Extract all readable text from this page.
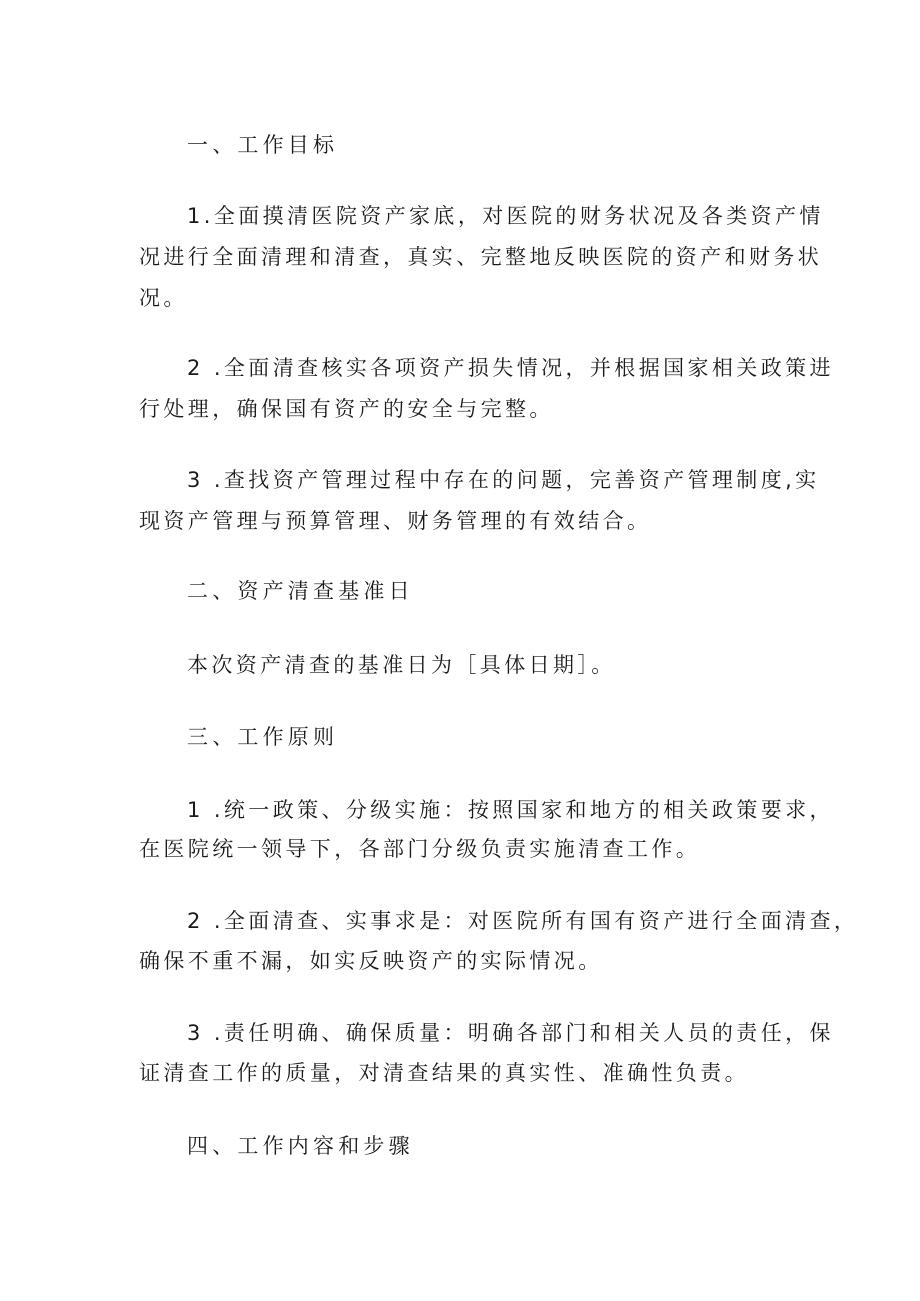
一、工作目标
1.全面摸清医院资产家底，对医院的财务状况及各类资产情
况进行全面清理和清查，真实、完整地反映医院的资产和财务状
况。
2 .全面清查核实各项资产损失情况，并根据国家相关政策进
行处理，确保国有资产的安全与完整。
3 .查找资产管理过程中存在的问题，完善资产管理制度,实
现资产管理与预算管理、财务管理的有效结合。
二、资产清查基准日
本次资产清查的基准日为［具体日期］。
三、工作原则
1 .统一政策、分级实施：按照国家和地方的相关政策要求，
在医院统一领导下，各部门分级负责实施清查工作。
2 .全面清查、实事求是：对医院所有国有资产进行全面清查，
确保不重不漏，如实反映资产的实际情况。
3 .责任明确、确保质量：明确各部门和相关人员的责任，保
证清查工作的质量，对清查结果的真实性、准确性负责。
四、工作内容和步骤
